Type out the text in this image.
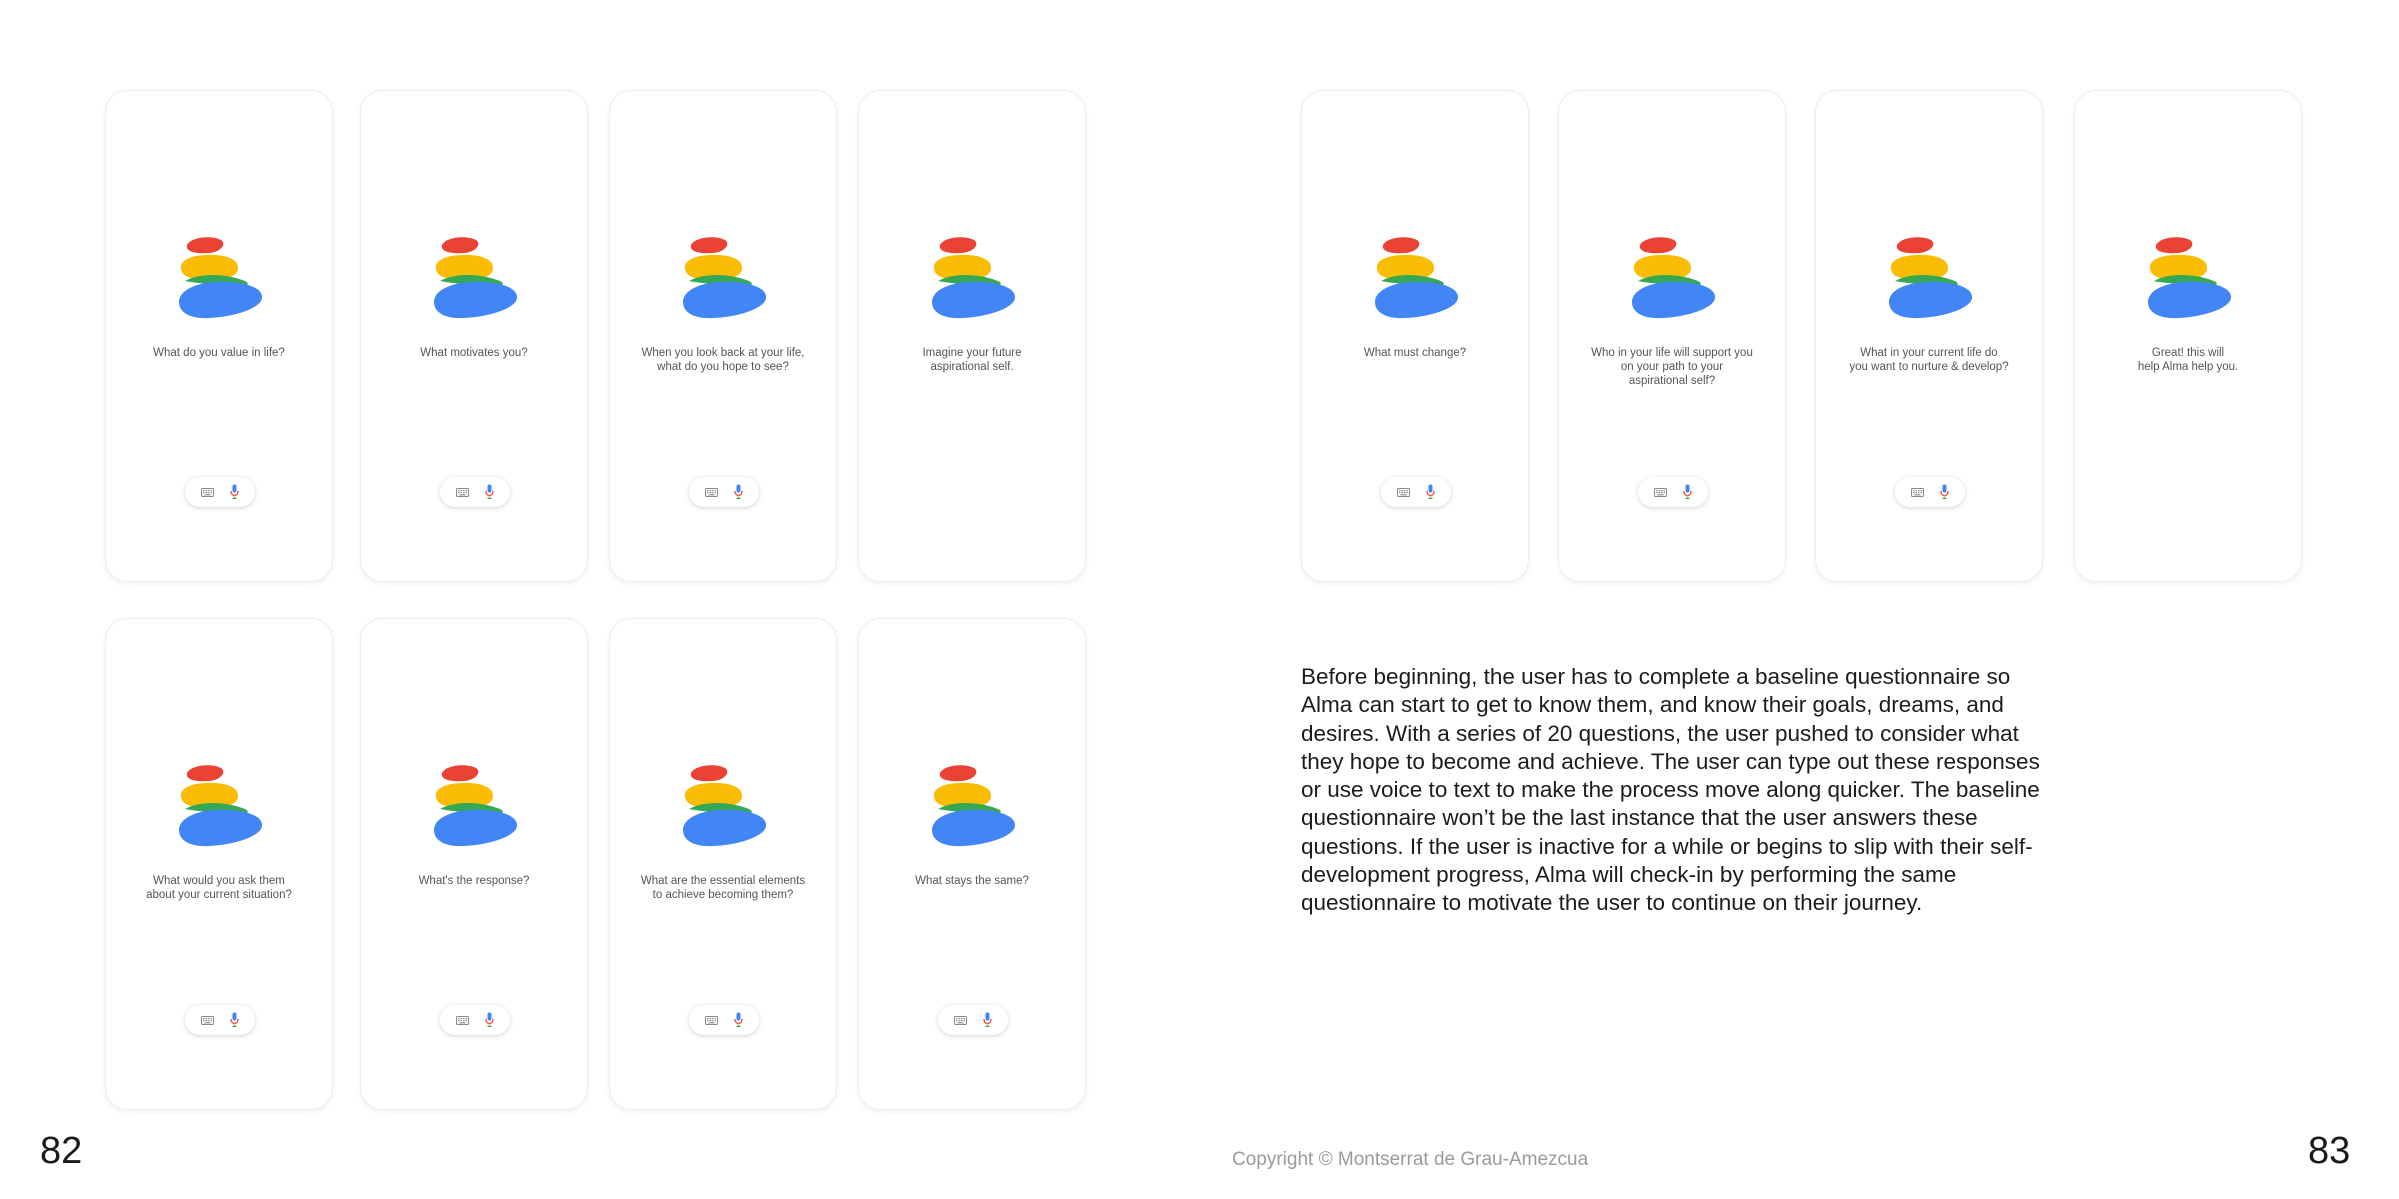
What do you value in life?	What motivates you?	When you look back at your life,
what do you hope to see?
Imagine your future
aspirational self.
What would you ask them
about your current situation?
What's the response?	What are the essential elements
to achieve becoming them?
What stays the same?
What must change?	Who in your life will support you
on your path to your
aspirational self?
What in your current life do
you want to nurture & develop?
Great! this will
help Alma help you.

Before beginning, the user has to complete a baseline questionnaire so Alma can start to get to know them, and know their goals, dreams, and desires. With a series of 20 questions, the user pushed to consider what they hope to become and achieve. The user can type out these responses or use voice to text to make the process move along quicker. The baseline questionnaire won’t be the last instance that the user answers these questions. If the user is inactive for a while or begins to slip with their self-development progress, Alma will check-in by performing the same questionnaire to motivate the user to continue on their journey.

82	83
Copyright © Montserrat de Grau-Amezcua
